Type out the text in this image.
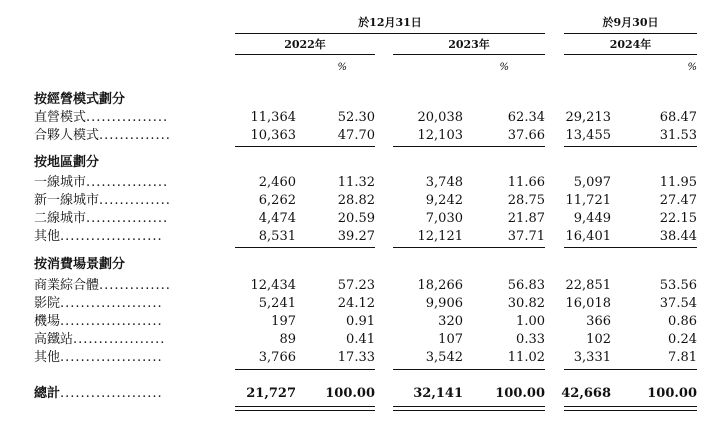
於12月31日	於9月30日
2022年	2023年	2024年
%	%	%
按經營模式劃分
直營模式................	11,364	52.30	20,038	62.34 29,213	68.47
合夥人模式..............	10,363	47.70	12,103	37.66 13,455	31.53
按地區劃分
一線城市................	2,460	11.32	3,748	11.66 5,097	11.95
新一線城市..............	6,262	28.82	9,242	28.75 11,721	27.47
二線城市................	4,474	20.59	7,030	21.87 9,449	22.15
其他....................	8,531	39.27	12,121	37.71 16,401	38.44
按消費場景劃分
商業綜合體..............	12,434	57.23	18,266	56.83 22,851	53.56
影院....................	5,241	24.12	9,906	30.82 16,018	37.54
機場....................	197	0.91	320	1.00	366	0.86
高鐵站..................	89	0.41	107	0.33	102	0.24
其他....................	3,766	17.33	3,542	11.02 3,331	7.81
總計....................	21,727 100.00	32,141 100.00 42,668	100.00
